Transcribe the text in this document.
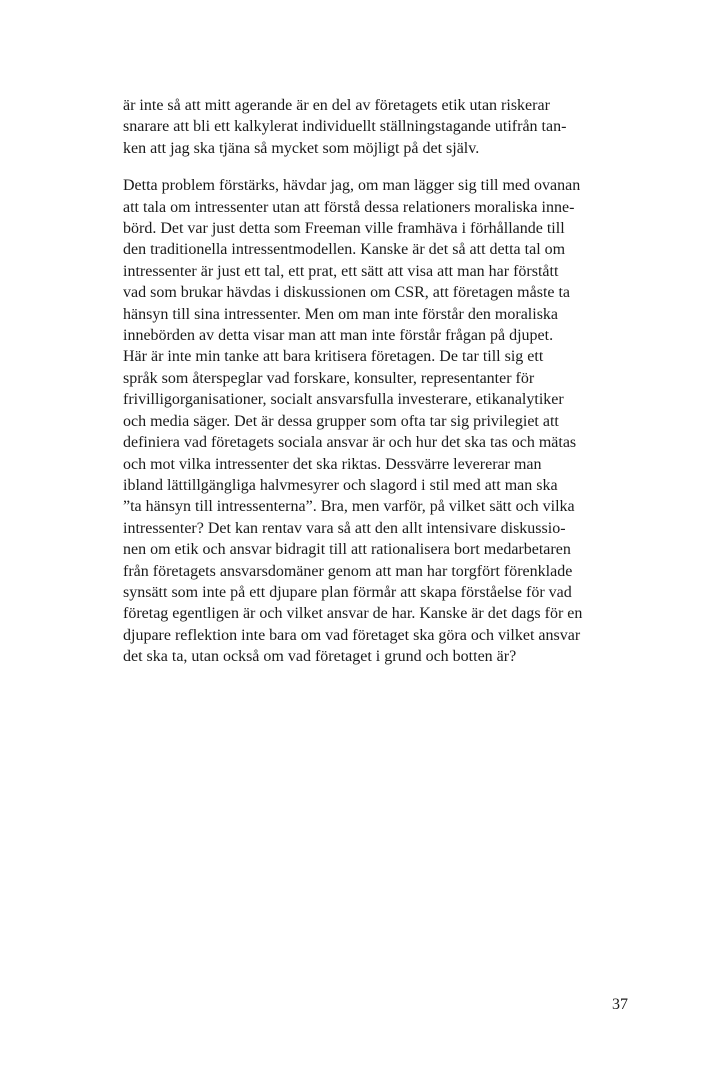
är inte så att mitt agerande är en del av företagets etik utan riskerar
snarare att bli ett kalkylerat individuellt ställningstagande utifrån tan-
ken att jag ska tjäna så mycket som möjligt på det själv.

Detta problem förstärks, hävdar jag, om man lägger sig till med ovanan
att tala om intressenter utan att förstå dessa relationers moraliska inne-
börd. Det var just detta som Freeman ville framhäva i förhållande till
den traditionella intressentmodellen. Kanske är det så att detta tal om
intressenter är just ett tal, ett prat, ett sätt att visa att man har förstått
vad som brukar hävdas i diskussionen om CSR, att företagen måste ta
hänsyn till sina intressenter. Men om man inte förstår den moraliska
innebörden av detta visar man att man inte förstår frågan på djupet.
Här är inte min tanke att bara kritisera företagen. De tar till sig ett
språk som återspeglar vad forskare, konsulter, representanter för
frivilligorganisationer, socialt ansvarsfulla investerare, etikanalytiker
och media säger. Det är dessa grupper som ofta tar sig privilegiet att
definiera vad företagets sociala ansvar är och hur det ska tas och mätas
och mot vilka intressenter det ska riktas. Dessvärre levererar man
ibland lättillgängliga halvmesyrer och slagord i stil med att man ska
”ta hänsyn till intressenterna”. Bra, men varför, på vilket sätt och vilka
intressenter? Det kan rentav vara så att den allt intensivare diskussio-
nen om etik och ansvar bidragit till att rationalisera bort medarbetaren
från företagets ansvarsdomäner genom att man har torgfört förenklade
synsätt som inte på ett djupare plan förmår att skapa förståelse för vad
företag egentligen är och vilket ansvar de har. Kanske är det dags för en
djupare reflektion inte bara om vad företaget ska göra och vilket ansvar
det ska ta, utan också om vad företaget i grund och botten är?

37
